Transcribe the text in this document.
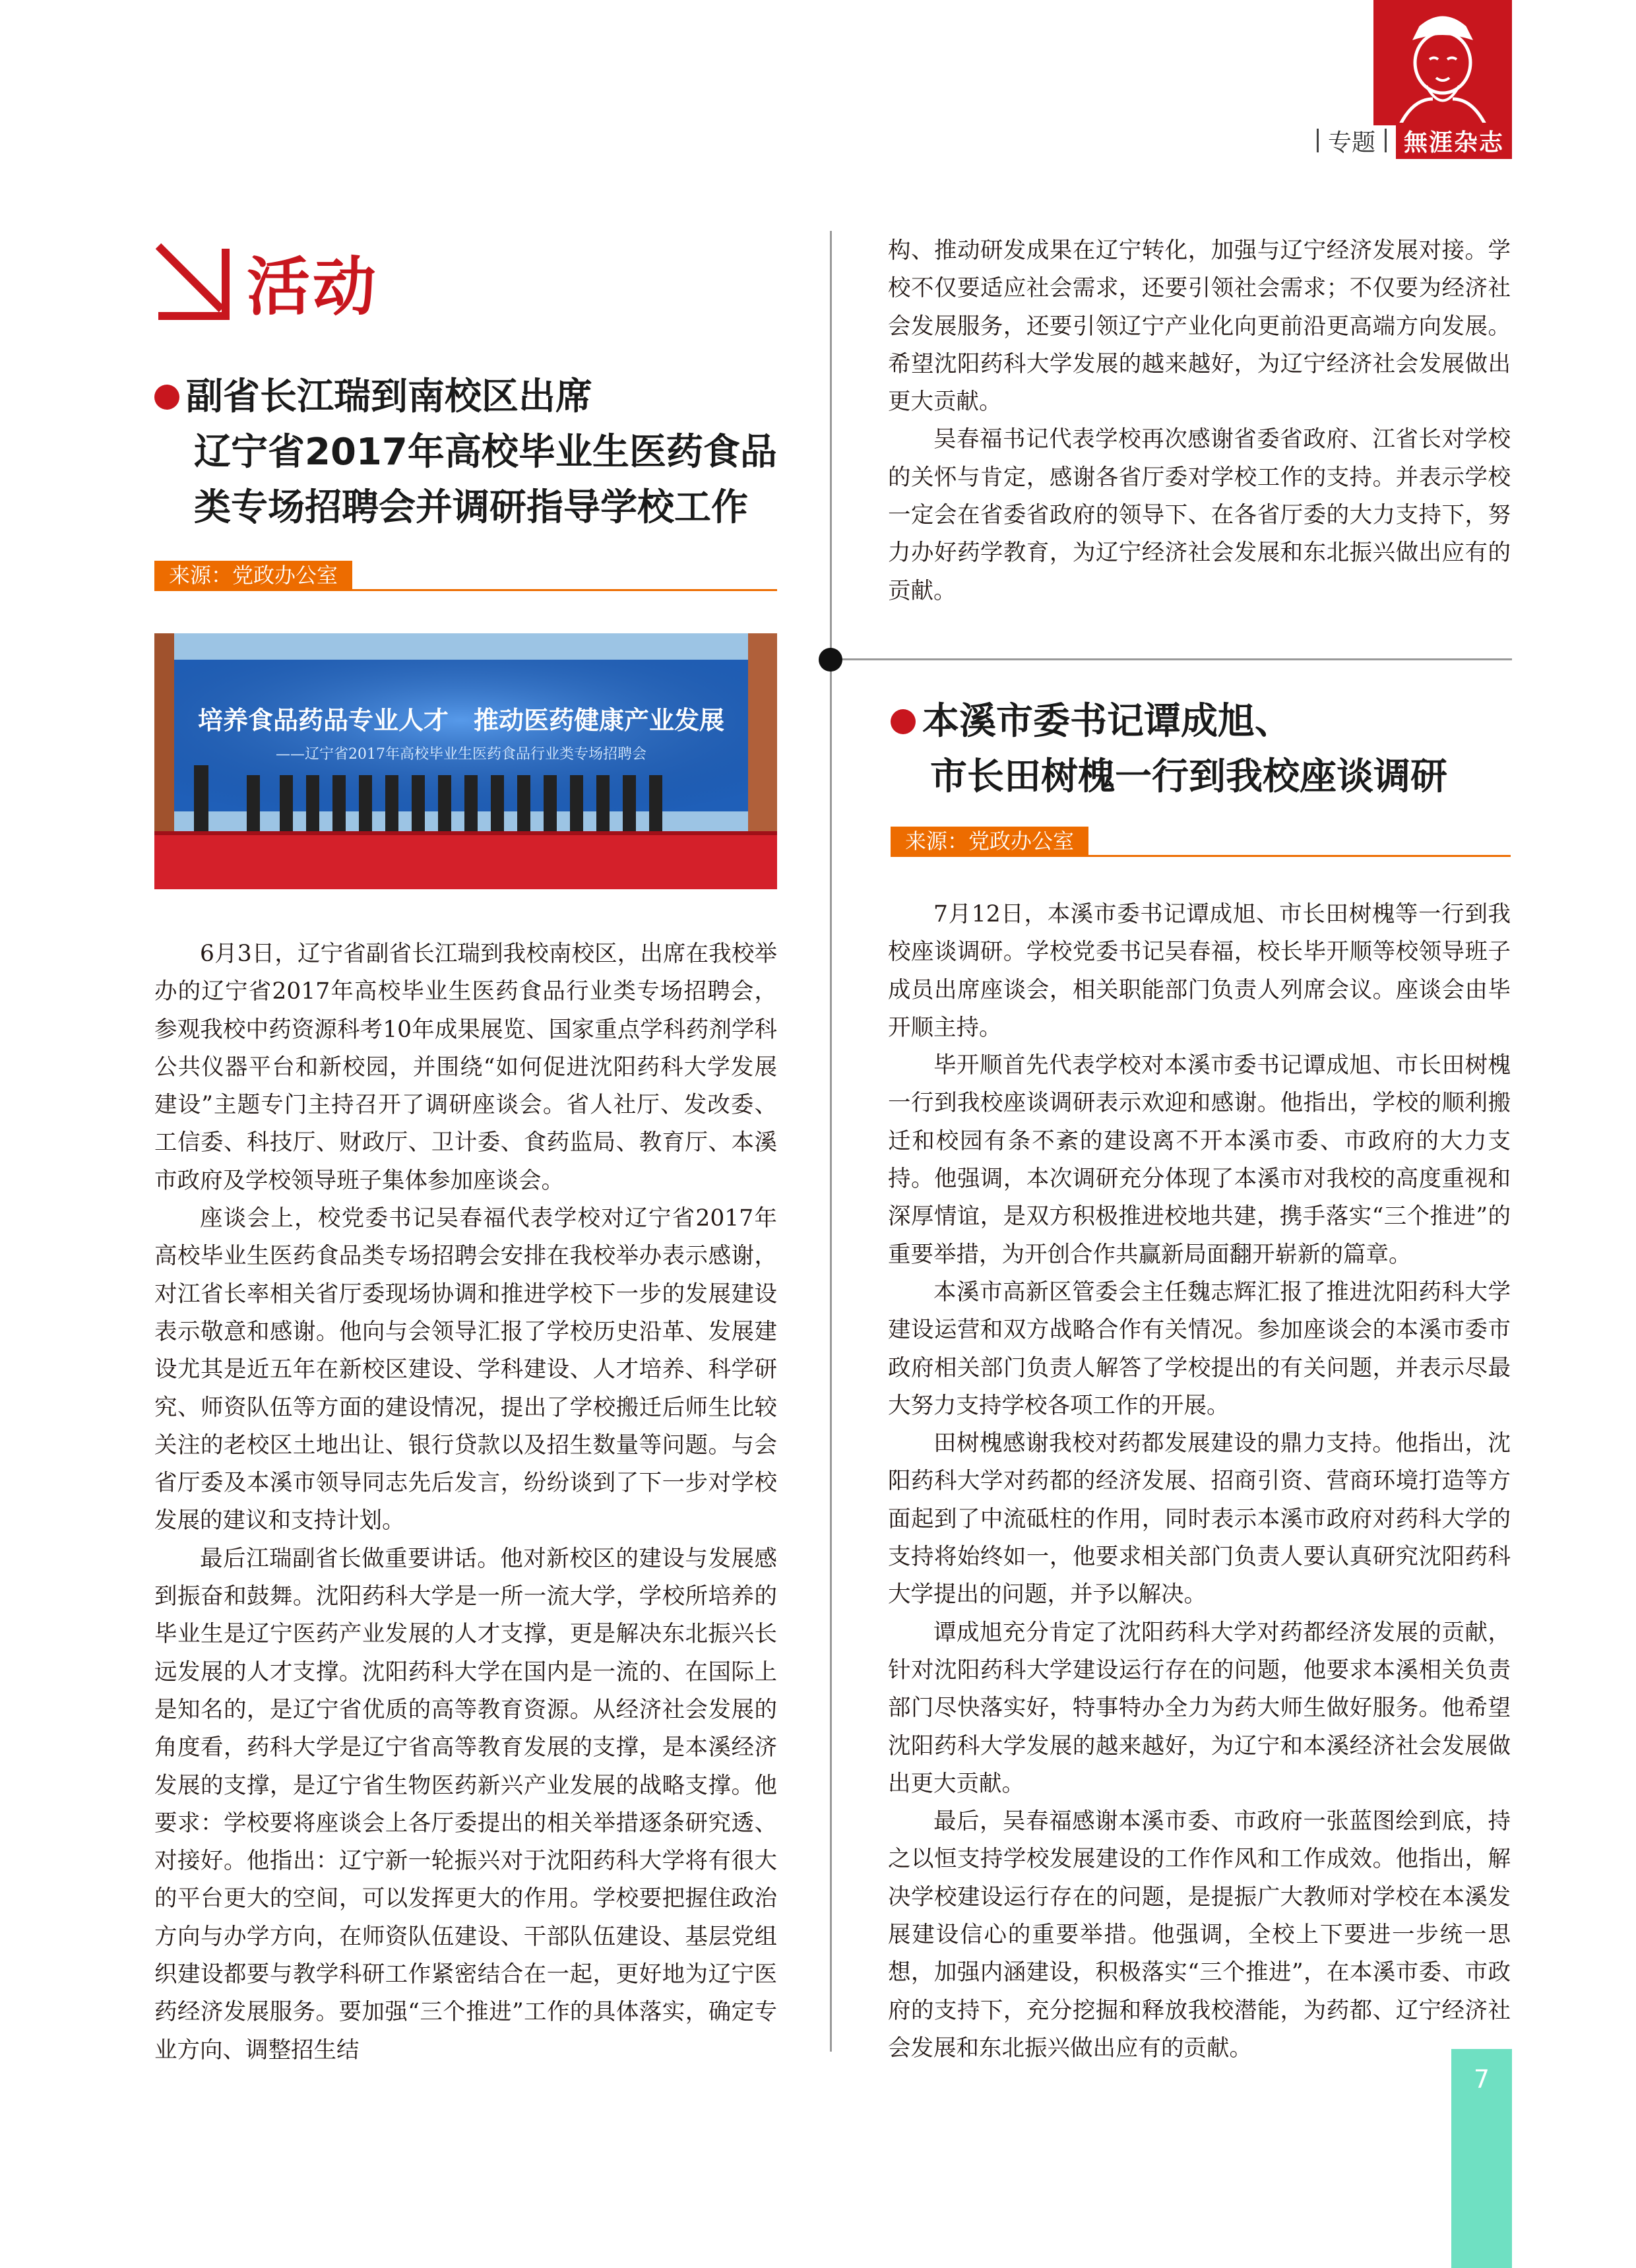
专题	無涯杂志
活动
副省长江瑞到南校区出席
辽宁省2017年高校毕业生医药食品
类专场招聘会并调研指导学校工作
来源：党政办公室
培养食品药品专业人才　推动医药健康产业发展
——辽宁省2017年高校毕业生医药食品行业类专场招聘会

6月3日，辽宁省副省长江瑞到我校南校区，出席在我校举办的辽宁省2017年高校毕业生医药食品行业类专场招聘会，参观我校中药资源科考10年成果展览、国家重点学科药剂学科公共仪器平台和新校园，并围绕“如何促进沈阳药科大学发展建设”主题专门主持召开了调研座谈会。省人社厅、发改委、工信委、科技厅、财政厅、卫计委、食药监局、教育厅、本溪市政府及学校领导班子集体参加座谈会。

座谈会上，校党委书记吴春福代表学校对辽宁省2017年高校毕业生医药食品类专场招聘会安排在我校举办表示感谢，对江省长率相关省厅委现场协调和推进学校下一步的发展建设表示敬意和感谢。他向与会领导汇报了学校历史沿革、发展建设尤其是近五年在新校区建设、学科建设、人才培养、科学研究、师资队伍等方面的建设情况，提出了学校搬迁后师生比较关注的老校区土地出让、银行贷款以及招生数量等问题。与会省厅委及本溪市领导同志先后发言，纷纷谈到了下一步对学校发展的建议和支持计划。

最后江瑞副省长做重要讲话。他对新校区的建设与发展感到振奋和鼓舞。沈阳药科大学是一所一流大学，学校所培养的毕业生是辽宁医药产业发展的人才支撑，更是解决东北振兴长远发展的人才支撑。沈阳药科大学在国内是一流的、在国际上是知名的，是辽宁省优质的高等教育资源。从经济社会发展的角度看，药科大学是辽宁省高等教育发展的支撑，是本溪经济发展的支撑，是辽宁省生物医药新兴产业发展的战略支撑。他要求：学校要将座谈会上各厅委提出的相关举措逐条研究透、对接好。他指出：辽宁新一轮振兴对于沈阳药科大学将有很大的平台更大的空间，可以发挥更大的作用。学校要把握住政治方向与办学方向，在师资队伍建设、干部队伍建设、基层党组织建设都要与教学科研工作紧密结合在一起，更好地为辽宁医药经济发展服务。要加强“三个推进”工作的具体落实，确定专业方向、调整招生结

构、推动研发成果在辽宁转化，加强与辽宁经济发展对接。学校不仅要适应社会需求，还要引领社会需求；不仅要为经济社会发展服务，还要引领辽宁产业化向更前沿更高端方向发展。希望沈阳药科大学发展的越来越好，为辽宁经济社会发展做出更大贡献。

吴春福书记代表学校再次感谢省委省政府、江省长对学校的关怀与肯定，感谢各省厅委对学校工作的支持。并表示学校一定会在省委省政府的领导下、在各省厅委的大力支持下，努力办好药学教育，为辽宁经济社会发展和东北振兴做出应有的贡献。

本溪市委书记谭成旭、
市长田树槐一行到我校座谈调研
来源：党政办公室

7月12日，本溪市委书记谭成旭、市长田树槐等一行到我校座谈调研。学校党委书记吴春福，校长毕开顺等校领导班子成员出席座谈会，相关职能部门负责人列席会议。座谈会由毕开顺主持。

毕开顺首先代表学校对本溪市委书记谭成旭、市长田树槐一行到我校座谈调研表示欢迎和感谢。他指出，学校的顺利搬迁和校园有条不紊的建设离不开本溪市委、市政府的大力支持。他强调，本次调研充分体现了本溪市对我校的高度重视和深厚情谊，是双方积极推进校地共建，携手落实“三个推进”的重要举措，为开创合作共赢新局面翻开崭新的篇章。

本溪市高新区管委会主任魏志辉汇报了推进沈阳药科大学建设运营和双方战略合作有关情况。参加座谈会的本溪市委市政府相关部门负责人解答了学校提出的有关问题，并表示尽最大努力支持学校各项工作的开展。

田树槐感谢我校对药都发展建设的鼎力支持。他指出，沈阳药科大学对药都的经济发展、招商引资、营商环境打造等方面起到了中流砥柱的作用，同时表示本溪市政府对药科大学的支持将始终如一，他要求相关部门负责人要认真研究沈阳药科大学提出的问题，并予以解决。

谭成旭充分肯定了沈阳药科大学对药都经济发展的贡献，针对沈阳药科大学建设运行存在的问题，他要求本溪相关负责部门尽快落实好，特事特办全力为药大师生做好服务。他希望沈阳药科大学发展的越来越好，为辽宁和本溪经济社会发展做出更大贡献。

最后，吴春福感谢本溪市委、市政府一张蓝图绘到底，持之以恒支持学校发展建设的工作作风和工作成效。他指出，解决学校建设运行存在的问题，是提振广大教师对学校在本溪发展建设信心的重要举措。他强调，全校上下要进一步统一思想，加强内涵建设，积极落实“三个推进”，在本溪市委、市政府的支持下，充分挖掘和释放我校潜能，为药都、辽宁经济社会发展和东北振兴做出应有的贡献。

7
